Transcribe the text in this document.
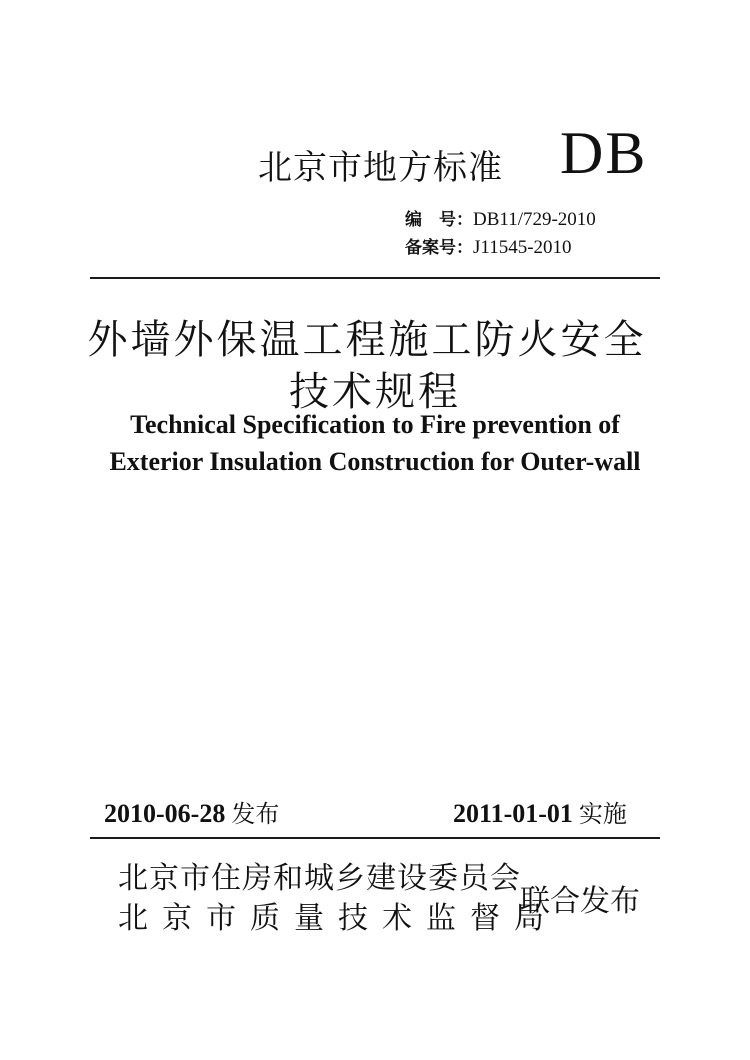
北京市地方标准 DB
编　号：DB11/729-2010
备案号：J11545-2010
外墙外保温工程施工防火安全
技术规程
Technical Specification to Fire prevention of
Exterior Insulation Construction for Outer-wall
2010-06-28 发布	2011-01-01 实施
北京市住房和城乡建设委员会
北京市质量技术监督局
联合发布
